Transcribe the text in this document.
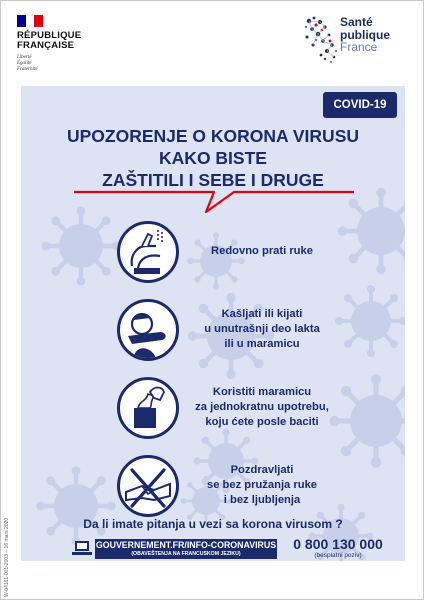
RÉPUBLIQUE
FRANÇAISE
Liberté
Égalité
Fraternité
Santé
publique
France
COVID-19
UPOZORENJE O KORONA VIRUSU
KAKO BISTE
ZAŠTITILI I SEBE I DRUGE
Redovno prati ruke
Kašljati ili kijati
u unutrašnji deo lakta
ili u maramicu
Koristiti maramicu
za jednokratnu upotrebu,
koju ćete posle baciti
Pozdravljati
se bez pružanja ruke
i bez ljubljenja
Da li imate pitanja u vezi sa korona virusom ?
GOUVERNEMENT.FR/INFO-CORONAVIRUS
(OBAVEŠTENJA NA FRANCUSKOM JEZIKU)
0 800 130 000
(besplatni poziv)
W-04161-001-2003 – 16 mars 2020
